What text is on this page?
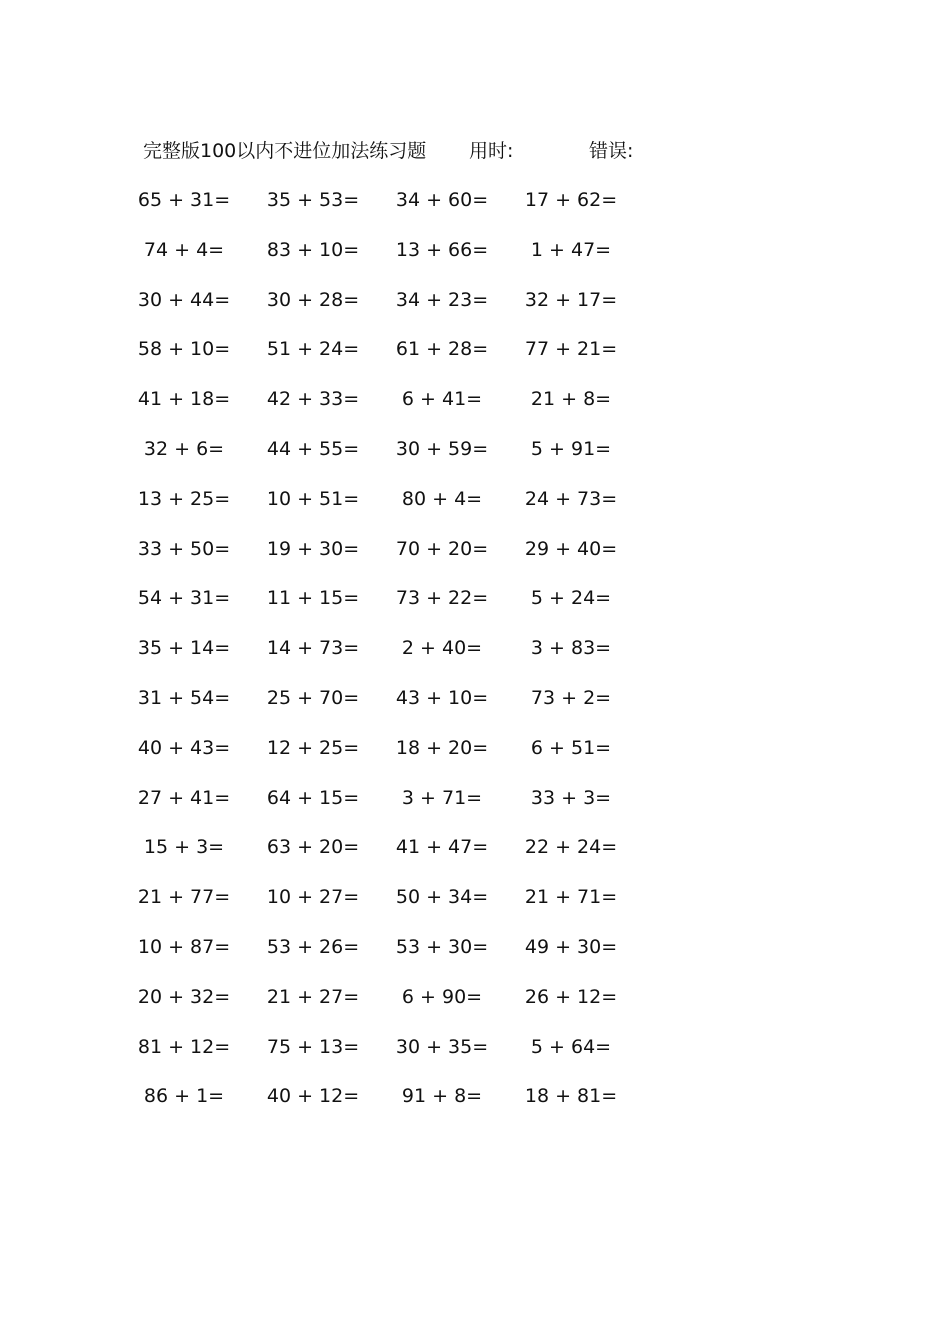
完整版100以内不进位加法练习题 用时:	错误:
65 + 31=	35 + 53=	34 + 60=	17 + 62=
74 + 4=	83 + 10=	13 + 66=	1 + 47=
30 + 44=	30 + 28=	34 + 23=	32 + 17=
58 + 10=	51 + 24=	61 + 28=	77 + 21=
41 + 18=	42 + 33=	6 + 41=	21 + 8=
32 + 6=	44 + 55=	30 + 59=	5 + 91=
13 + 25=	10 + 51=	80 + 4=	24 + 73=
33 + 50=	19 + 30=	70 + 20=	29 + 40=
54 + 31=	11 + 15=	73 + 22=	5 + 24=
35 + 14=	14 + 73=	2 + 40=	3 + 83=
31 + 54=	25 + 70=	43 + 10=	73 + 2=
40 + 43=	12 + 25=	18 + 20=	6 + 51=
27 + 41=	64 + 15=	3 + 71=	33 + 3=
15 + 3=	63 + 20=	41 + 47=	22 + 24=
21 + 77=	10 + 27=	50 + 34=	21 + 71=
10 + 87=	53 + 26=	53 + 30=	49 + 30=
20 + 32=	21 + 27=	6 + 90=	26 + 12=
81 + 12=	75 + 13=	30 + 35=	5 + 64=
86 + 1=	40 + 12=	91 + 8=	18 + 81=
